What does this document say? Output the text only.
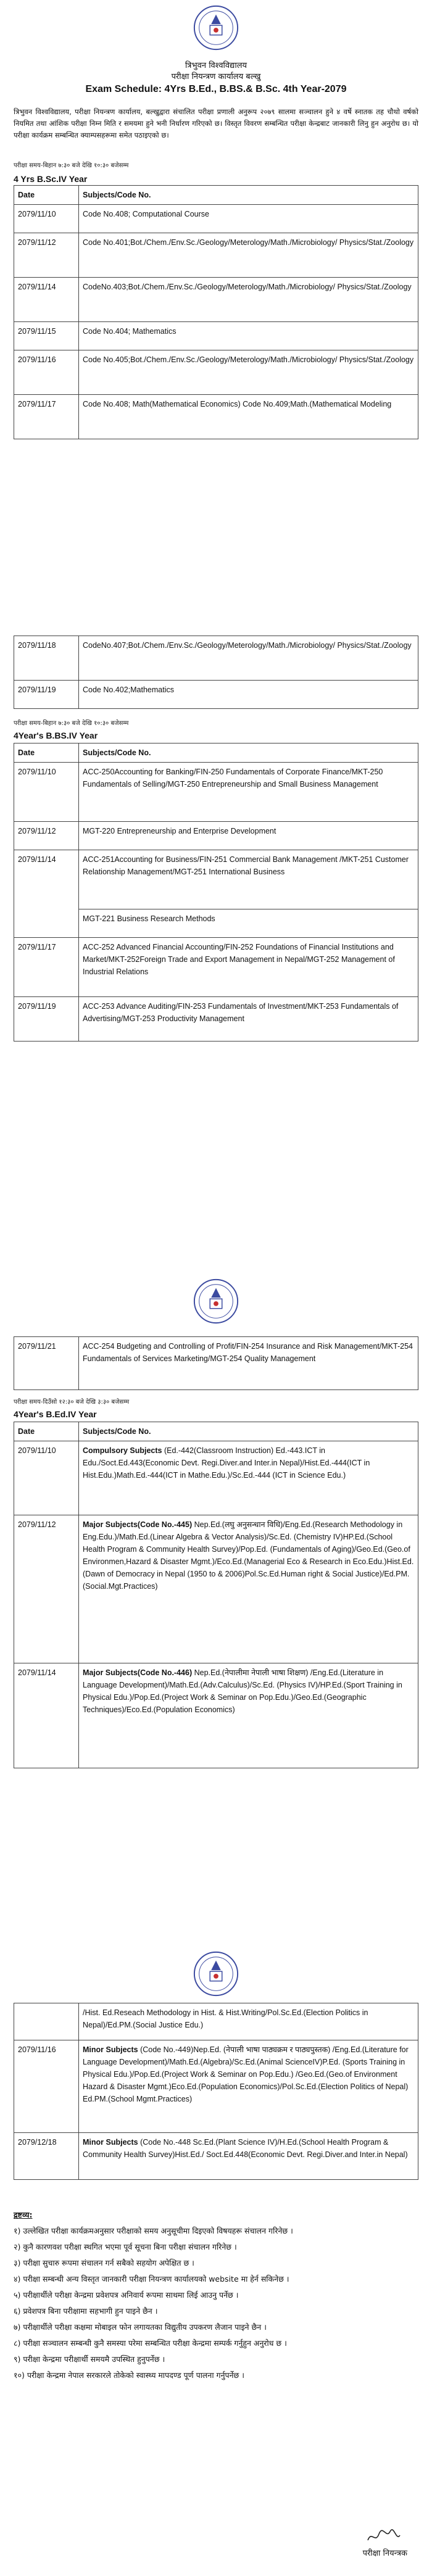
त्रिभुवन विश्वविद्यालय
परीक्षा नियन्त्रण कार्यालय बल्खु
Exam Schedule: 4Yrs B.Ed., B.BS.& B.Sc. 4th Year-2079
त्रिभुवन विश्वविद्यालय, परीक्षा नियन्त्रण कार्यालय, बल्खुद्वारा संचालित परीक्षा प्रणाली अनुरूप २०७९ सालमा सञ्चालन हुने ४ वर्षे स्नातक तह चौथो वर्षको नियमित तथा आंशिक परीक्षा निम्न मिति र समयमा हुने भनी निर्धारण गरिएको छ। विस्तृत विवरण सम्बन्धित परीक्षा केन्द्रबाट जानकारी लिनु हुन अनुरोध छ। यो परीक्षा कार्यक्रम सम्बन्धित क्याम्पसहरूमा समेत पठाइएको छ।
परीक्षा समय-बिहान ७:३० बजे देखि १०:३० बजेसम्म
4 Yrs B.Sc.IV Year
Date	Subjects/Code No.
2079/11/10	Code No.408; Computational Course
2079/11/12	Code No.401;Bot./Chem./Env.Sc./Geology/Meterology/Math./Microbiology/ Physics/Stat./Zoology
2079/11/14	CodeNo.403;Bot./Chem./Env.Sc./Geology/Meterology/Math./Microbiology/ Physics/Stat./Zoology
2079/11/15	Code No.404; Mathematics
2079/11/16	Code No.405;Bot./Chem./Env.Sc./Geology/Meterology/Math./Microbiology/ Physics/Stat./Zoology
2079/11/17	Code No.408; Math(Mathematical Economics) Code No.409;Math.(Mathematical Modeling
2079/11/18	CodeNo.407;Bot./Chem./Env.Sc./Geology/Meterology/Math./Microbiology/ Physics/Stat./Zoology
2079/11/19	Code No.402;Mathematics
परीक्षा समय-बिहान ७:३० बजे देखि १०:३० बजेसम्म
4Year's B.BS.IV Year
Date	Subjects/Code No.
2079/11/10	ACC-250Accounting for Banking/FIN-250 Fundamentals of Corporate Finance/MKT-250 Fundamentals of Selling/MGT-250 Entrepreneurship and Small Business Management
2079/11/12	MGT-220 Entrepreneurship and Enterprise Development
2079/11/14	ACC-251Accounting for Business/FIN-251 Commercial Bank Management /MKT-251 Customer Relationship Management/MGT-251 International Business
	MGT-221 Business Research Methods
2079/11/17	ACC-252 Advanced Financial Accounting/FIN-252 Foundations of Financial Institutions and Market/MKT-252Foreign Trade and Export Management in Nepal/MGT-252 Management of Industrial Relations
2079/11/19	ACC-253 Advance Auditing/FIN-253 Fundamentals of Investment/MKT-253 Fundamentals of Advertising/MGT-253 Productivity Management
2079/11/21	ACC-254 Budgeting and Controlling of Profit/FIN-254 Insurance and Risk Management/MKT-254 Fundamentals of Services Marketing/MGT-254 Quality Management
परीक्षा समय-दिउँसो १२:३० बजे देखि ३:३० बजेसम्म
4Year's B.Ed.IV Year
Date	Subjects/Code No.
2079/11/10	Compulsory Subjects (Ed.-442(Classroom Instruction) Ed.-443.ICT in Edu./Soct.Ed.443(Economic Devt. Regi.Diver.and Inter.in Nepal)/Hist.Ed.-444(ICT in Hist.Edu.)Math.Ed.-444(ICT in Mathe.Edu.)/Sc.Ed.-444 (ICT in Science Edu.)
2079/11/12	Major Subjects(Code No.-445) Nep.Ed.(लघु अनुसन्धान विधि)/Eng.Ed.(Research Methodology in Eng.Edu.)/Math.Ed.(Linear Algebra & Vector Analysis)/Sc.Ed. (Chemistry IV)HP.Ed.(School Health Program & Community Health Survey)/Pop.Ed. (Fundamentals of Aging)/Geo.Ed.(Geo.of Environmen,Hazard & Disaster Mgmt.)/Eco.Ed.(Managerial Eco & Research in Eco.Edu.)Hist.Ed.(Dawn of Democracy in Nepal (1950 to & 2006)Pol.Sc.Ed.Human right & Social Justice)/Ed.PM. (Social.Mgt.Practices)
2079/11/14	Major Subjects(Code No.-446) Nep.Ed.(नेपालीमा नेपाली भाषा शिक्षण) /Eng.Ed.(Literature in Language Development)/Math.Ed.(Adv.Calculus)/Sc.Ed. (Physics IV)/HP.Ed.(Sport Training in Physical Edu.)/Pop.Ed.(Project Work & Seminar on Pop.Edu.)/Geo.Ed.(Geographic Techniques)/Eco.Ed.(Population Economics)
	/Hist. Ed.Reseach Methodology in Hist. & Hist.Writing/Pol.Sc.Ed.(Election Politics in Nepal)/Ed.PM.(Social Justice Edu.)
2079/11/16	Minor Subjects (Code No.-449)Nep.Ed. (नेपाली भाषा पाठ्यक्रम र पाठ्यपुस्तक) /Eng.Ed.(Literature for Language Development)/Math.Ed.(Algebra)/Sc.Ed.(Animal ScienceIV)P.Ed. (Sports Training in Physical Edu.)/Pop.Ed.(Project Work & Seminar on Pop.Edu.) /Geo.Ed.(Geo.of Environment Hazard & Disaster Mgmt.)Eco.Ed.(Population Economics)/Pol.Sc.Ed.(Election Politics of Nepal) Ed.PM.(School Mgmt.Practices)
2079/12/18	Minor Subjects (Code No.-448 Sc.Ed.(Plant Science IV)/H.Ed.(School Health Program & Community Health Survey)Hist.Ed./ Soct.Ed.448(Economic Devt. Regi.Diver.and Inter.in Nepal)
द्रष्टव्य:
१) उल्लेखित परीक्षा कार्यक्रमअनुसार परीक्षाको समय अनुसूचीमा दिइएको विषयहरू संचालन गरिनेछ ।
२) कुनै कारणवश परीक्षा स्थगित भएमा पूर्व सूचना बिना परीक्षा संचालन गरिनेछ ।
३) परीक्षा सुचारु रूपमा संचालन गर्न सबैको सहयोग अपेक्षित छ ।
४) परीक्षा सम्बन्धी अन्य विस्तृत जानकारी परीक्षा नियन्त्रण कार्यालयको website मा हेर्न सकिनेछ ।
५) परीक्षार्थीले परीक्षा केन्द्रमा प्रवेशपत्र अनिवार्य रूपमा साथमा लिई आउनु पर्नेछ ।
६) प्रवेशपत्र बिना परीक्षामा सहभागी हुन पाइने छैन ।
७) परीक्षार्थीले परीक्षा कक्षमा मोबाइल फोन लगायतका विद्युतीय उपकरण लैजान पाइने छैन ।
८) परीक्षा सञ्चालन सम्बन्धी कुनै समस्या परेमा सम्बन्धित परीक्षा केन्द्रमा सम्पर्क गर्नुहुन अनुरोध छ ।
९) परीक्षा केन्द्रमा परीक्षार्थी समयमै उपस्थित हुनुपर्नेछ ।
१०) परीक्षा केन्द्रमा नेपाल सरकारले तोकेको स्वास्थ्य मापदण्ड पूर्ण पालना गर्नुपर्नेछ ।
परीक्षा नियन्त्रक
